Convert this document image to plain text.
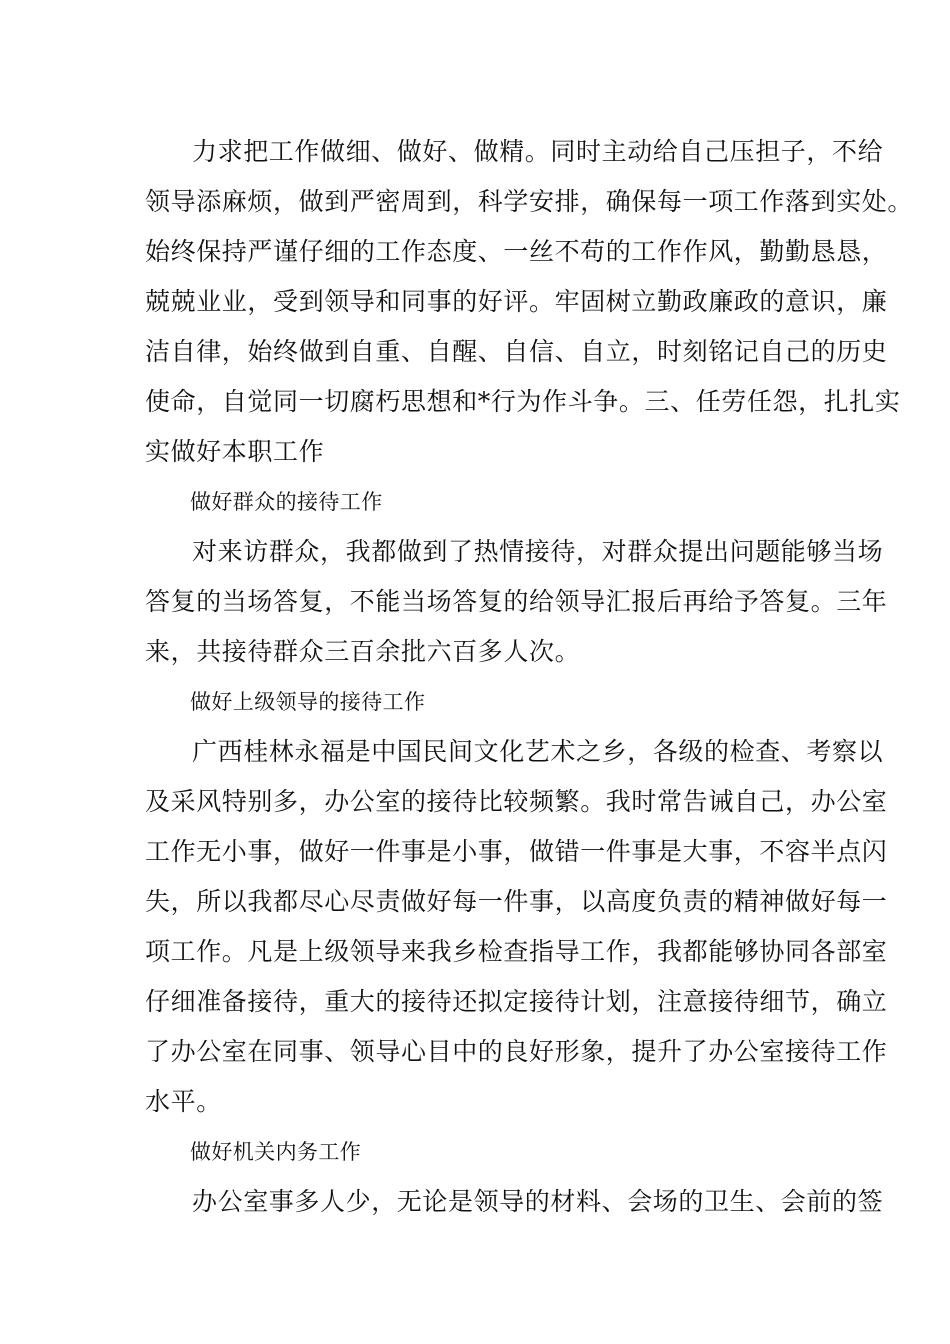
力求把工作做细、做好、做精。同时主动给自己压担子，不给
领导添麻烦，做到严密周到，科学安排，确保每一项工作落到实处。
始终保持严谨仔细的工作态度、一丝不苟的工作作风，勤勤恳恳，
兢兢业业，受到领导和同事的好评。牢固树立勤政廉政的意识，廉
洁自律，始终做到自重、自醒、自信、自立，时刻铭记自己的历史
使命，自觉同一切腐朽思想和*行为作斗争。三、任劳任怨，扎扎实
实做好本职工作
做好群众的接待工作
对来访群众，我都做到了热情接待，对群众提出问题能够当场
答复的当场答复，不能当场答复的给领导汇报后再给予答复。三年
来，共接待群众三百余批六百多人次。
做好上级领导的接待工作
广西桂林永福是中国民间文化艺术之乡，各级的检查、考察以
及采风特别多，办公室的接待比较频繁。我时常告诫自己，办公室
工作无小事，做好一件事是小事，做错一件事是大事，不容半点闪
失，所以我都尽心尽责做好每一件事，以高度负责的精神做好每一
项工作。凡是上级领导来我乡检查指导工作，我都能够协同各部室
仔细准备接待，重大的接待还拟定接待计划，注意接待细节，确立
了办公室在同事、领导心目中的良好形象，提升了办公室接待工作
水平。
做好机关内务工作
办公室事多人少，无论是领导的材料、会场的卫生、会前的签
